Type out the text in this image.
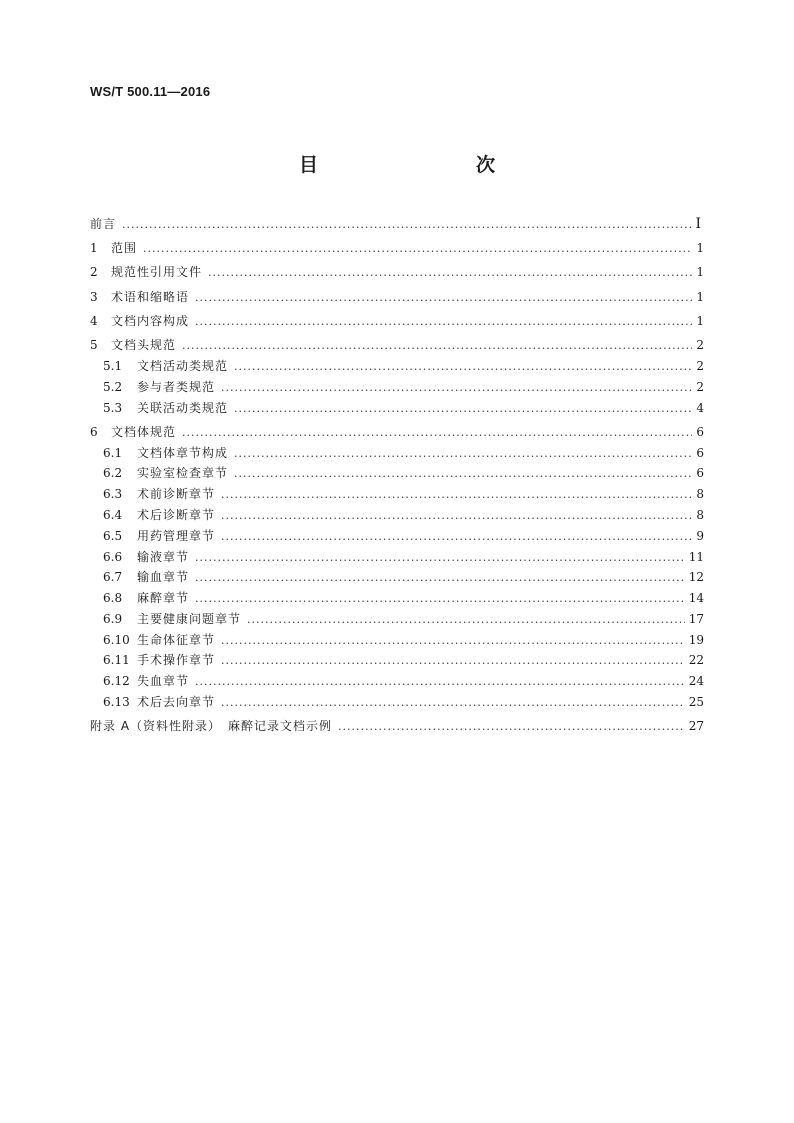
WS/T 500.11—2016
目　　次
前言 .....	Ⅰ
1	范围 .....	1
2	规范性引用文件 .....	1
3	术语和缩略语 .....	1
4	文档内容构成 .....	1
5	文档头规范 .....	2
5.1	文档活动类规范 .....	2
5.2	参与者类规范 .....	2
5.3	关联活动类规范 .....	4
6	文档体规范 .....	6
6.1	文档体章节构成 .....	6
6.2	实验室检查章节 .....	6
6.3	术前诊断章节 .....	8
6.4	术后诊断章节 .....	8
6.5	用药管理章节 .....	9
6.6	输液章节 .....	11
6.7	输血章节 .....	12
6.8	麻醉章节 .....	14
6.9	主要健康问题章节 .....	17
6.10 生命体征章节 .....	19
6.11 手术操作章节 .....	22
6.12 失血章节 .....	24
6.13 术后去向章节 .....	25
附录 A（资料性附录）　麻醉记录文档示例 .....	27
